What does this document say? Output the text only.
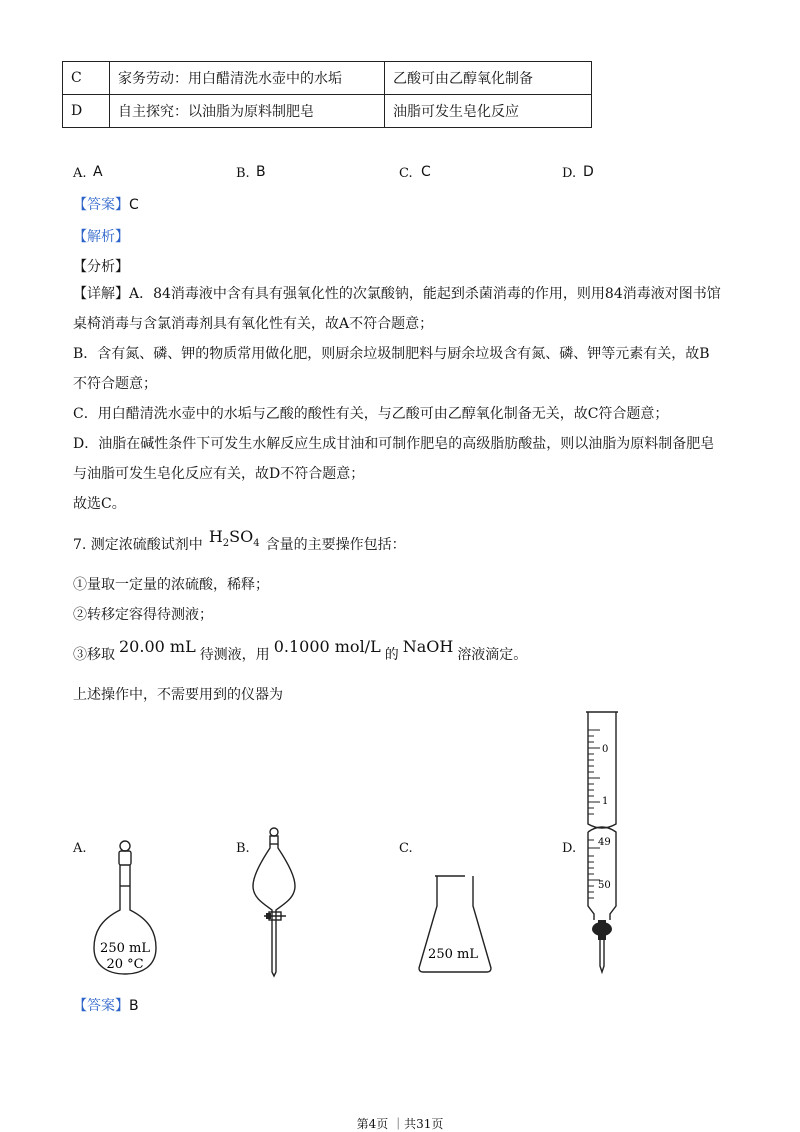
C	家务劳动：用白醋清洗水壶中的水垢	乙酸可由乙醇氧化制备
D	自主探究：以油脂为原料制肥皂	油脂可发生皂化反应
A. A	B. B	C. C	D. D
【答案】C
【解析】
【分析】
【详解】A．84消毒液中含有具有强氧化性的次氯酸钠，能起到杀菌消毒的作用，则用84消毒液对图书馆
桌椅消毒与含氯消毒剂具有氧化性有关，故A不符合题意；
B．含有氮、磷、钾的物质常用做化肥，则厨余垃圾制肥料与厨余垃圾含有氮、磷、钾等元素有关，故B
不符合题意；
C．用白醋清洗水壶中的水垢与乙酸的酸性有关，与乙酸可由乙醇氧化制备无关，故C符合题意；
D．油脂在碱性条件下可发生水解反应生成甘油和可制作肥皂的高级脂肪酸盐，则以油脂为原料制备肥皂
与油脂可发生皂化反应有关，故D不符合题意；
故选C。
7. 测定浓硫酸试剂中 $H_2SO_4$ 含量的主要操作包括：
①量取一定量的浓硫酸，稀释；
②转移定容得待测液；
③移取 20.00 mL 待测液，用 0.1000 mol/L 的 NaOH 溶液滴定。
上述操作中，不需要用到的仪器为
A.	B.	C.	D.
250 mL
20 °C
250 mL
0
1
49
50
【答案】B
第4页 ｜共31页
